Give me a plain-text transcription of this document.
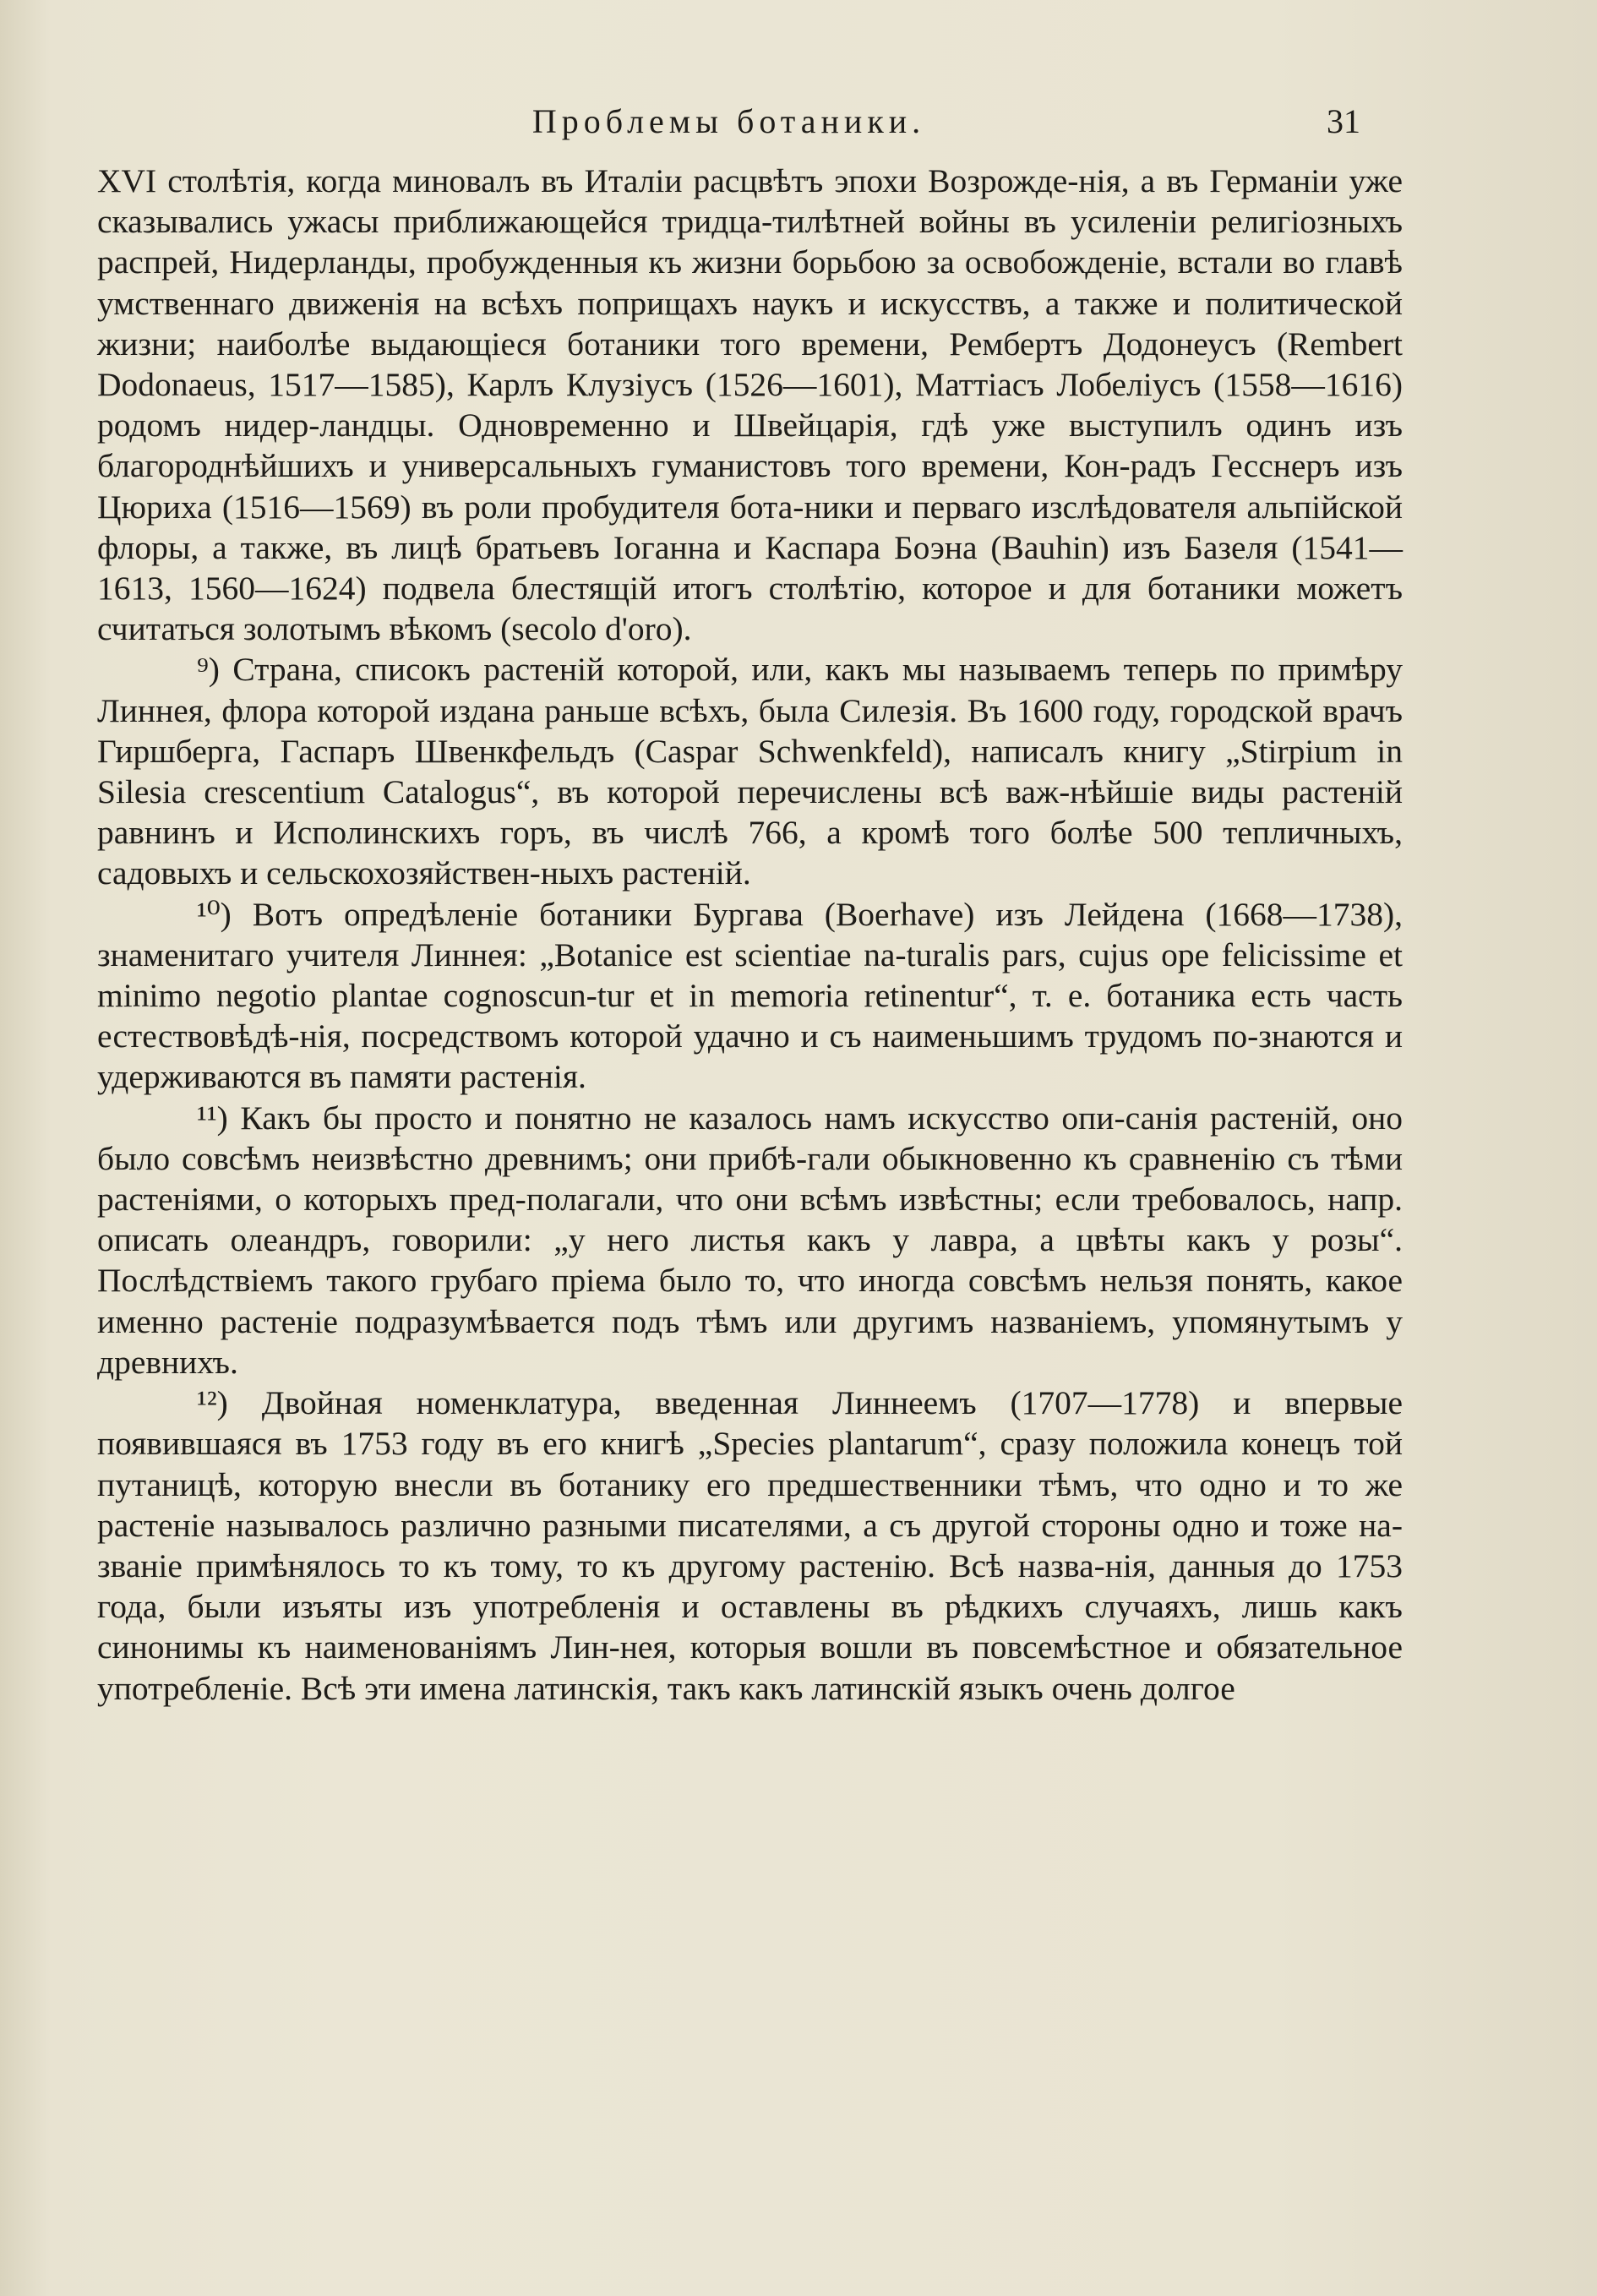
Проблемы ботаники.	31

XVI столѣтія, когда миновалъ въ Италіи расцвѣтъ эпохи Возрожде-нія, а въ Германіи уже сказывались ужасы приближающейся тридца-тилѣтней войны въ усиленіи религіозныхъ распрей, Нидерланды, пробужденныя къ жизни борьбою за освобожденіе, встали во главѣ умственнаго движенія на всѣхъ поприщахъ наукъ и искусствъ, а также и политической жизни; наиболѣе выдающіеся ботаники того времени, Рембертъ Додонеусъ (Rembert Dodonaeus, 1517—1585), Карлъ Клузіусъ (1526—1601), Маттіасъ Лобеліусъ (1558—1616) родомъ нидер-ландцы. Одновременно и Швейцарія, гдѣ уже выступилъ одинъ изъ благороднѣйшихъ и универсальныхъ гуманистовъ того времени, Кон-радъ Гесснеръ изъ Цюриха (1516—1569) въ роли пробудителя бота-ники и перваго изслѣдователя альпійской флоры, а также, въ лицѣ братьевъ Іоганна и Каспара Боэна (Bauhin) изъ Базеля (1541—1613, 1560—1624) подвела блестящій итогъ столѣтію, которое и для ботаники можетъ считаться золотымъ вѣкомъ (secolo d'oro).

⁹) Страна, списокъ растеній которой, или, какъ мы называемъ теперь по примѣру Линнея, флора которой издана раньше всѣхъ, была Силезія. Въ 1600 году, городской врачъ Гиршберга, Гаспаръ Швенкфельдъ (Caspar Schwenkfeld), написалъ книгу „Stirpium in Silesia crescentium Catalogus“, въ которой перечислены всѣ важ-нѣйшіе виды растеній равнинъ и Исполинскихъ горъ, въ числѣ 766, а кромѣ того болѣе 500 тепличныхъ, садовыхъ и сельскохозяйствен-ныхъ растеній.

¹⁰) Вотъ опредѣленіе ботаники Бургава (Boerhave) изъ Лейдена (1668—1738), знаменитаго учителя Линнея: „Botanice est scientiae na-turalis pars, cujus ope felicissime et minimo negotio plantae cognoscun-tur et in memoria retinentur“, т. е. ботаника есть часть естествовѣдѣ-нія, посредствомъ которой удачно и съ наименьшимъ трудомъ по-знаются и удерживаются въ памяти растенія.

¹¹) Какъ бы просто и понятно не казалось намъ искусство опи-санія растеній, оно было совсѣмъ неизвѣстно древнимъ; они прибѣ-гали обыкновенно къ сравненію съ тѣми растеніями, о которыхъ пред-полагали, что они всѣмъ извѣстны; если требовалось, напр. описать олеандръ, говорили: „у него листья какъ у лавра, а цвѣты какъ у розы“. Послѣдствіемъ такого грубаго пріема было то, что иногда совсѣмъ нельзя понять, какое именно растеніе подразумѣвается подъ тѣмъ или другимъ названіемъ, упомянутымъ у древнихъ.

¹²) Двойная номенклатура, введенная Линнеемъ (1707—1778) и впервые появившаяся въ 1753 году въ его книгѣ „Species plantarum“, сразу положила конецъ той путаницѣ, которую внесли въ ботанику его предшественники тѣмъ, что одно и то же растеніе называлось различно разными писателями, а съ другой стороны одно и тоже на-званіе примѣнялось то къ тому, то къ другому растенію. Всѣ назва-нія, данныя до 1753 года, были изъяты изъ употребленія и оставлены въ рѣдкихъ случаяхъ, лишь какъ синонимы къ наименованіямъ Лин-нея, которыя вошли въ повсемѣстное и обязательное употребленіе. Всѣ эти имена латинскія, такъ какъ латинскій языкъ очень долгое
